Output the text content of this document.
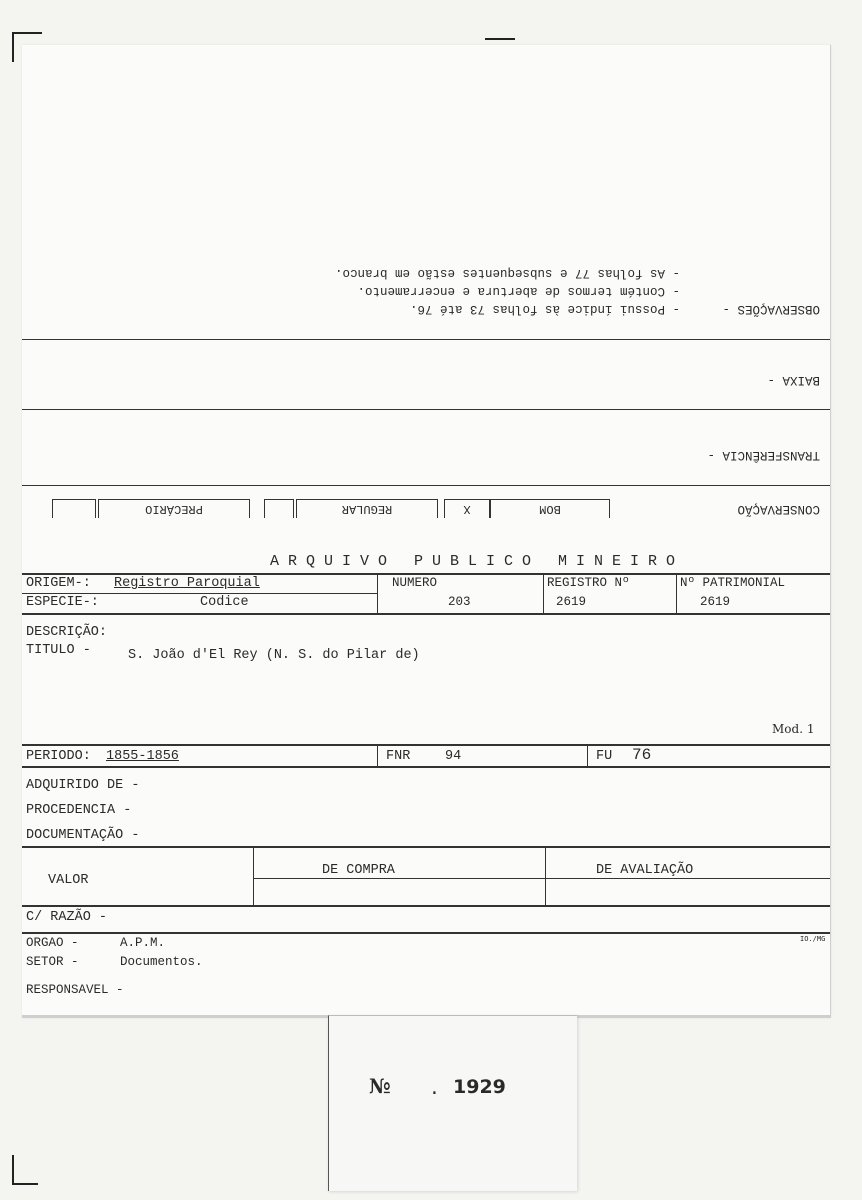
CONSERVAÇÃO
BOM
X
REGULAR
PRECÁRIO
TRANSFERÊNCIA -
BAIXA -
OBSERVAÇÕES -
- Possui índice às folhas 73 até 76.
- Contém termos de abertura e encerramento.
- As folhas 77 e subsequentes estão em branco.
ARQUIVO PUBLICO MINEIRO
ORIGEM-: Registro Paroquial
ESPECIE-:	Codice
NUMERO
203
REGISTRO Nº
2619
Nº PATRIMONIAL
2619
DESCRIÇÃO:
TITULO -	S. João d'El Rey (N. S. do Pilar de)
Mod. 1
PERIODO: 1855-1856	FNR	94	FU 76
ADQUIRIDO DE -
PROCEDENCIA -
DOCUMENTAÇÃO -
VALOR
DE COMPRA	DE AVALIAÇÃO
C/ RAZÃO -
ORGAO -	A.P.M.
SETOR -	Documentos.
RESPONSAVEL -
IO./MG
№ . 1929
